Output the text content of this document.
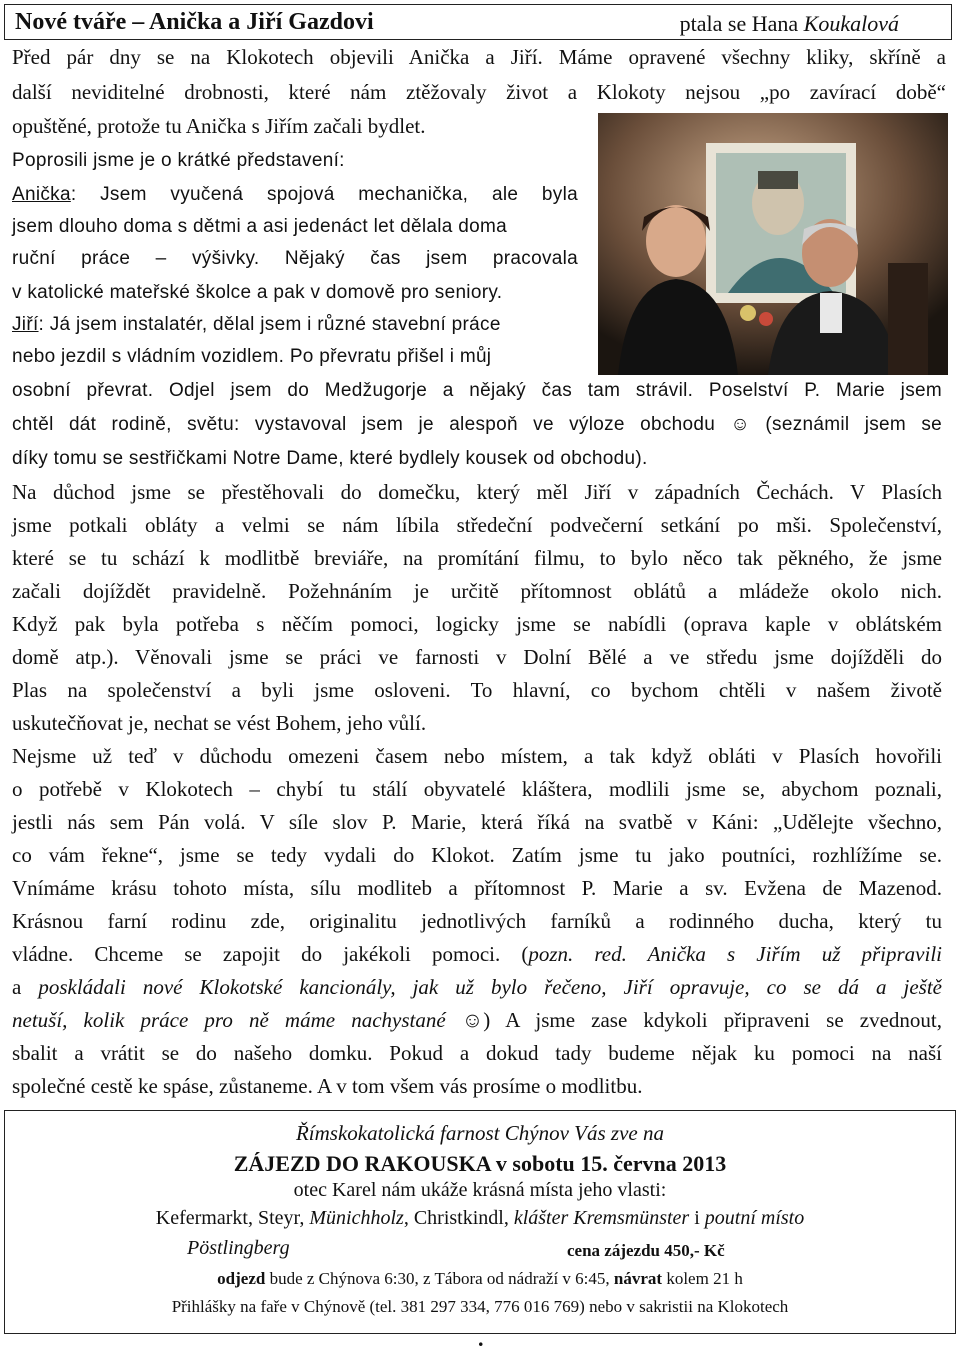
Nové tváře – Anička a Jiří Gazdovi	ptala se Hana Koukalová
Před pár dny se na Klokotech objevili Anička a Jiří. Máme opravené všechny kliky, skříně a
další neviditelné drobnosti, které nám ztěžovaly život a Klokoty nejsou „po zavírací době“
opuštěné, protože tu Anička s Jiřím začali bydlet.
Poprosili jsme je o krátké představení:
Anička: Jsem vyučená spojová mechanička, ale byla
jsem dlouho doma s dětmi a asi jedenáct let dělala doma
ruční práce – výšivky. Nějaký čas jsem pracovala
v katolické mateřské školce a pak v domově pro seniory.
Jiří: Já jsem instalatér, dělal jsem i různé stavební práce
nebo jezdil s vládním vozidlem. Po převratu přišel i můj
osobní převrat. Odjel jsem do Medžugorje a nějaký čas tam strávil. Poselství P. Marie jsem
chtěl dát rodině, světu: vystavoval jsem je alespoň ve výloze obchodu ☺ (seznámil jsem se
díky tomu se sestřičkami Notre Dame, které bydlely kousek od obchodu).
Na důchod jsme se přestěhovali do domečku, který měl Jiří v západních Čechách. V Plasích
jsme potkali obláty a velmi se nám líbila středeční podvečerní setkání po mši. Společenství,
které se tu schází k modlitbě breviáře, na promítání filmu, to bylo něco tak pěkného, že jsme
začali dojíždět pravidelně. Požehnáním je určitě přítomnost oblátů a mládeže okolo nich.
Když pak byla potřeba s něčím pomoci, logicky jsme se nabídli (oprava kaple v oblátském
domě atp.). Věnovali jsme se práci ve farnosti v Dolní Bělé a ve středu jsme dojížděli do
Plas na společenství a byli jsme osloveni. To hlavní, co bychom chtěli v našem životě
uskutečňovat je, nechat se vést Bohem, jeho vůlí.
Nejsme už teď v důchodu omezeni časem nebo místem, a tak když obláti v Plasích hovořili
o potřebě v Klokotech – chybí tu stálí obyvatelé kláštera, modlili jsme se, abychom poznali,
jestli nás sem Pán volá. V síle slov P. Marie, která říká na svatbě v Káni: „Udělejte všechno,
co vám řekne“, jsme se tedy vydali do Klokot. Zatím jsme tu jako poutníci, rozhlížíme se.
Vnímáme krásu tohoto místa, sílu modliteb a přítomnost P. Marie a sv. Evžena de Mazenod.
Krásnou farní rodinu zde, originalitu jednotlivých farníků a rodinného ducha, který tu
vládne. Chceme se zapojit do jakékoli pomoci. (pozn. red. Anička s Jiřím už připravili
a poskládali nové Klokotské kancionály, jak už bylo řečeno, Jiří opravuje, co se dá a ještě
netuší, kolik práce pro ně máme nachystané ☺) A jsme zase kdykoli připraveni se zvednout,
sbalit a vrátit se do našeho domku. Pokud a dokud tady budeme nějak ku pomoci na naší
společné cestě ke spáse, zůstaneme. A v tom všem vás prosíme o modlitbu.
Římskokatolická farnost Chýnov Vás zve na
ZÁJEZD DO RAKOUSKA v sobotu 15. června 2013
otec Karel nám ukáže krásná místa jeho vlasti:
Kefermarkt, Steyr, Münichholz, Christkindl, klášter Kremsmünster i poutní místo
Pöstlingberg	cena zájezdu 450,- Kč
odjezd bude z Chýnova 6:30, z Tábora od nádraží v 6:45, návrat kolem 21 h
Přihlášky na faře v Chýnově (tel. 381 297 334, 776 016 769) nebo v sakristii na Klokotech
.
